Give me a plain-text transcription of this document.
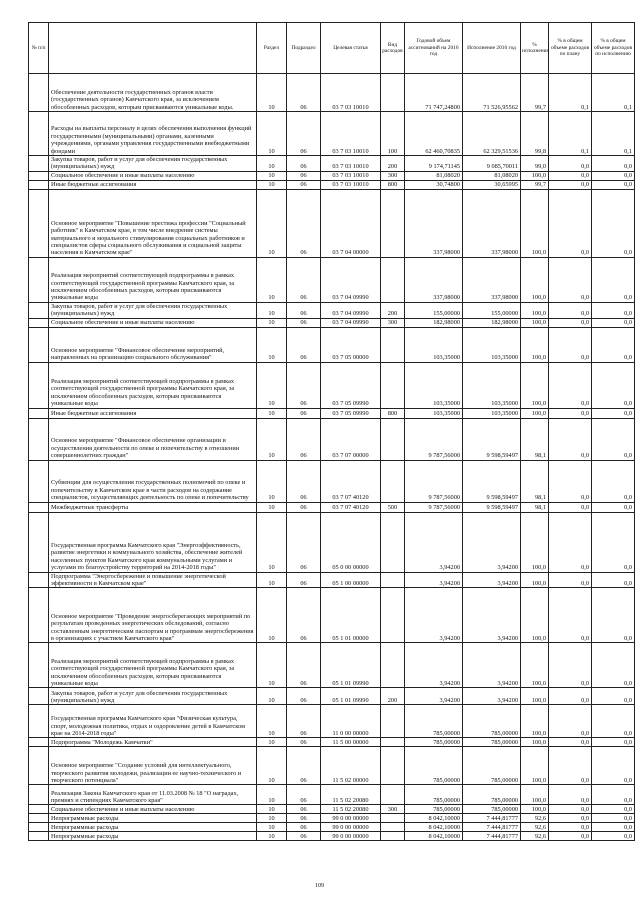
№ п/п		Раздел	Подраздел	Целевая статья	Вид расходов	Годовой объем ассигнований на 2016 год	Исполнение 2016 год	% исполнения	% в общем объеме расходов по плану	% в общем объеме расходов по исполнению
	Обеспечение деятельности государственных органов власти (государственных органов) Камчатского края, за исключением обособленных расходов, которым присваиваются уникальные коды.	10	06	03 7 03 10010		71 747,24800	71 526,95562	99,7	0,1	0,1
	Расходы на выплаты персоналу в целях обеспечения выполнения функций государственными (муниципальными) органами, казенными учреждениями, органами управления государственными внебюджетными фондами	10	06	03 7 03 10010	100	62 460,70835	62 329,51536	99,8	0,1	0,1
	Закупка товаров, работ и услуг для обеспечения государственных (муниципальных) нужд	10	06	03 7 03 10010	200	9 174,71145	9 085,70011	99,0	0,0	0,0
	Социальное обеспечение и иные выплаты населению	10	06	03 7 03 10010	300	81,08020	81,08020	100,0	0,0	0,0
	Иные бюджетные ассигнования	10	06	03 7 03 10010	800	30,74800	30,65995	99,7	0,0	0,0
	Основное мероприятие "Повышение престижа профессии "Социальный работник" в Камчатском крае, в том числе внедрение системы материального и морального стимулирования социальных работников и специалистов сферы социального обслуживания и социальной защиты населения в Камчатском крае"	10	06	03 7 04 00000		337,98000	337,98000	100,0	0,0	0,0
	Реализация мероприятий соответствующей подпрограммы в рамках соответствующей государственной программы Камчатского края, за исключением обособленных расходов, которым присваиваются уникальные коды	10	06	03 7 04 09990		337,98000	337,98000	100,0	0,0	0,0
	Закупка товаров, работ и услуг для обеспечения государственных (муниципальных) нужд	10	06	03 7 04 09990	200	155,00000	155,00000	100,0	0,0	0,0
	Социальное обеспечение и иные выплаты населению	10	06	03 7 04 09990	300	182,98000	182,98000	100,0	0,0	0,0
	Основное мероприятие "Финансовое обеспечение мероприятий, направленных на организацию социального обслуживания"	10	06	03 7 05 00000		103,35000	103,35000	100,0	0,0	0,0
	Реализация мероприятий соответствующей подпрограммы в рамках соответствующей государственной программы Камчатского края, за исключением обособленных расходов, которым присваиваются уникальные коды	10	06	03 7 05 09990		103,35000	103,35000	100,0	0,0	0,0
	Иные бюджетные ассигнования	10	06	03 7 05 09990	800	103,35000	103,35000	100,0	0,0	0,0
	Основное мероприятие "Финансовое обеспечение организации и осуществления деятельности по опеке и попечительству в отношении совершеннолетних граждан"	10	06	03 7 07 00000		9 787,56000	9 598,59497	98,1	0,0	0,0
	Субвенции для осуществления государственных полномочий по опеке и попечительству в Камчатском крае в части расходов на содержание специалистов, осуществляющих деятельность по опеке и попечительству	10	06	03 7 07 40120		9 787,56000	9 598,59497	98,1	0,0	0,0
	Межбюджетные трансферты	10	06	03 7 07 40120	500	9 787,56000	9 598,59497	98,1	0,0	0,0
	Государственная программа Камчатского края "Энергоэффективность, развитие энергетики и коммунального хозяйства, обеспечение жителей населенных пунктов Камчатского края коммунальными услугами и услугами по благоустройству территорий на 2014-2018 годы"	10	06	05 0 00 00000		3,94200	3,94200	100,0	0,0	0,0
	Подпрограмма "Энергосбережение и повышение энергетической эффективности в Камчатском крае"	10	06	05 1 00 00000		3,94200	3,94200	100,0	0,0	0,0
	Основное мероприятие "Проведение энергосберегающих мероприятий по результатам проведенных энергетических обследований, согласно составленным энергетическим паспортам и программам энергосбережения в организациях с участием Камчатского края"	10	06	05 1 01 00000		3,94200	3,94200	100,0	0,0	0,0
	Реализация мероприятий соответствующей подпрограммы в рамках соответствующей государственной программы Камчатского края, за исключением обособленных расходов, которым присваиваются уникальные коды	10	06	05 1 01 09990		3,94200	3,94200	100,0	0,0	0,0
	Закупка товаров, работ и услуг для обеспечения государственных (муниципальных) нужд	10	06	05 1 01 09990	200	3,94200	3,94200	100,0	0,0	0,0
	Государственная программа Камчатского края "Физическая культура, спорт, молодежная политика, отдых и оздоровление детей в Камчатском крае на 2014-2018 годы"	10	06	11 0 00 00000		785,00000	785,00000	100,0	0,0	0,0
	Подпрограмма "Молодежь Камчатки"	10	06	11 5 00 00000		785,00000	785,00000	100,0	0,0	0,0
	Основное мероприятие "Создание условий для интеллектуального, творческого развития молодежи, реализации ее научно-технического и творческого потенциала"	10	06	11 5 02 00000		785,00000	785,00000	100,0	0,0	0,0
	Реализация Закона Камчатского края от 11.03.2008 № 18 "О наградах, премиях и стипендиях Камчатского края"	10	06	11 5 02 20080		785,00000	785,00000	100,0	0,0	0,0
	Социальное обеспечение и иные выплаты населению	10	06	11 5 02 20080	300	785,00000	785,00000	100,0	0,0	0,0
	Непрограммные расходы	10	06	99 0 00 00000		8 042,10000	7 444,81777	92,6	0,0	0,0
	Непрограммные расходы	10	06	99 0 00 00000		8 042,10000	7 444,81777	92,6	0,0	0,0
	Непрограммные расходы	10	06	99 0 00 00000		8 042,10000	7 444,81777	92,6	0,0	0,0
109
